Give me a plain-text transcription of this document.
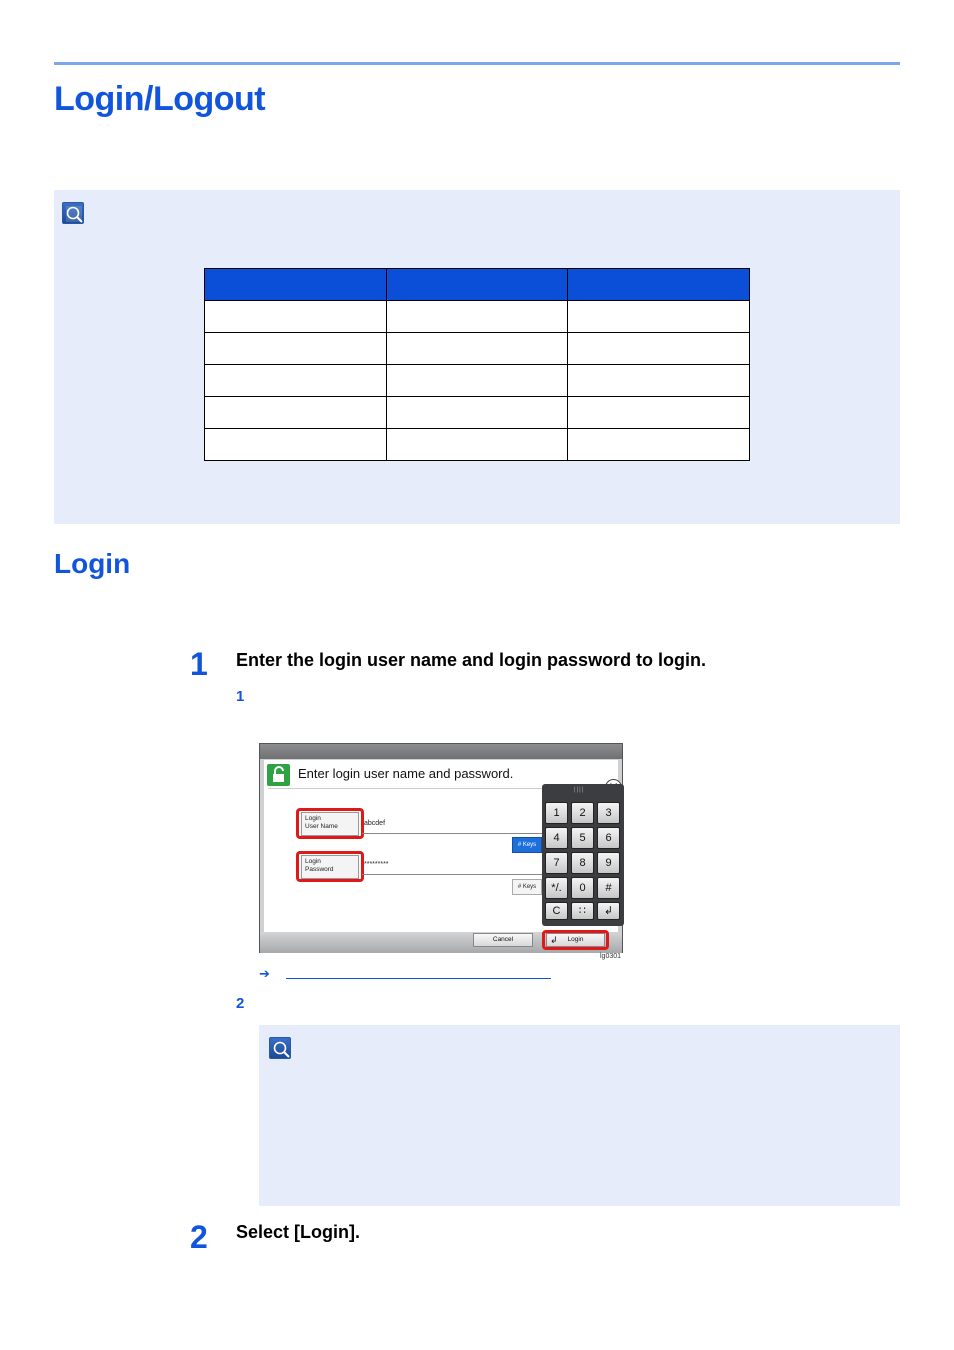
Login/Logout

Login
1 Enter the login user name and login password to login.
1
Enter login user name and password.
Login
User Name	abcdef
# Keys
Login
Password
*********
# Keys
||||
1	2	3
4	5	6
7	8	9
*/.	0	#
C	∷	↲
Cancel	↲ Login
lg0301
➔
2
2 Select [Login].
